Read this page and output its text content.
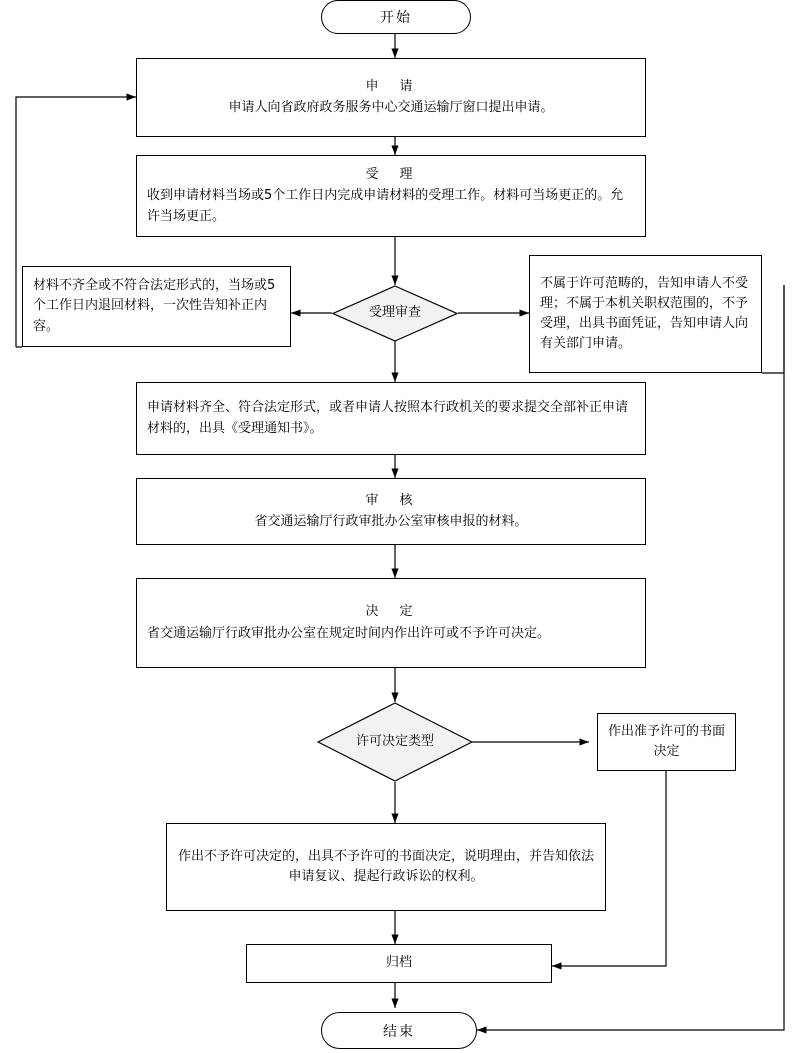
开始
申　请
申请人向省政府政务服务中心交通运输厅窗口提出申请。
受　理
收到申请材料当场或5个工作日内完成申请材料的受理工作。材料可当场更正的。允许当场更正。
受理审查
材料不齐全或不符合法定形式的，当场或5个工作日内退回材料，一次性告知补正内容。
不属于许可范畴的，告知申请人不受理；不属于本机关职权范围的，不予受理，出具书面凭证，告知申请人向有关部门申请。
申请材料齐全、符合法定形式，或者申请人按照本行政机关的要求提交全部补正申请材料的，出具《受理通知书》。
审　核
省交通运输厅行政审批办公室审核申报的材料。
决　定
省交通运输厅行政审批办公室在规定时间内作出许可或不予许可决定。
许可决定类型
作出准予许可的书面决定
作出不予许可决定的，出具不予许可的书面决定，说明理由，并告知依法申请复议、提起行政诉讼的权利。
归档
结束
